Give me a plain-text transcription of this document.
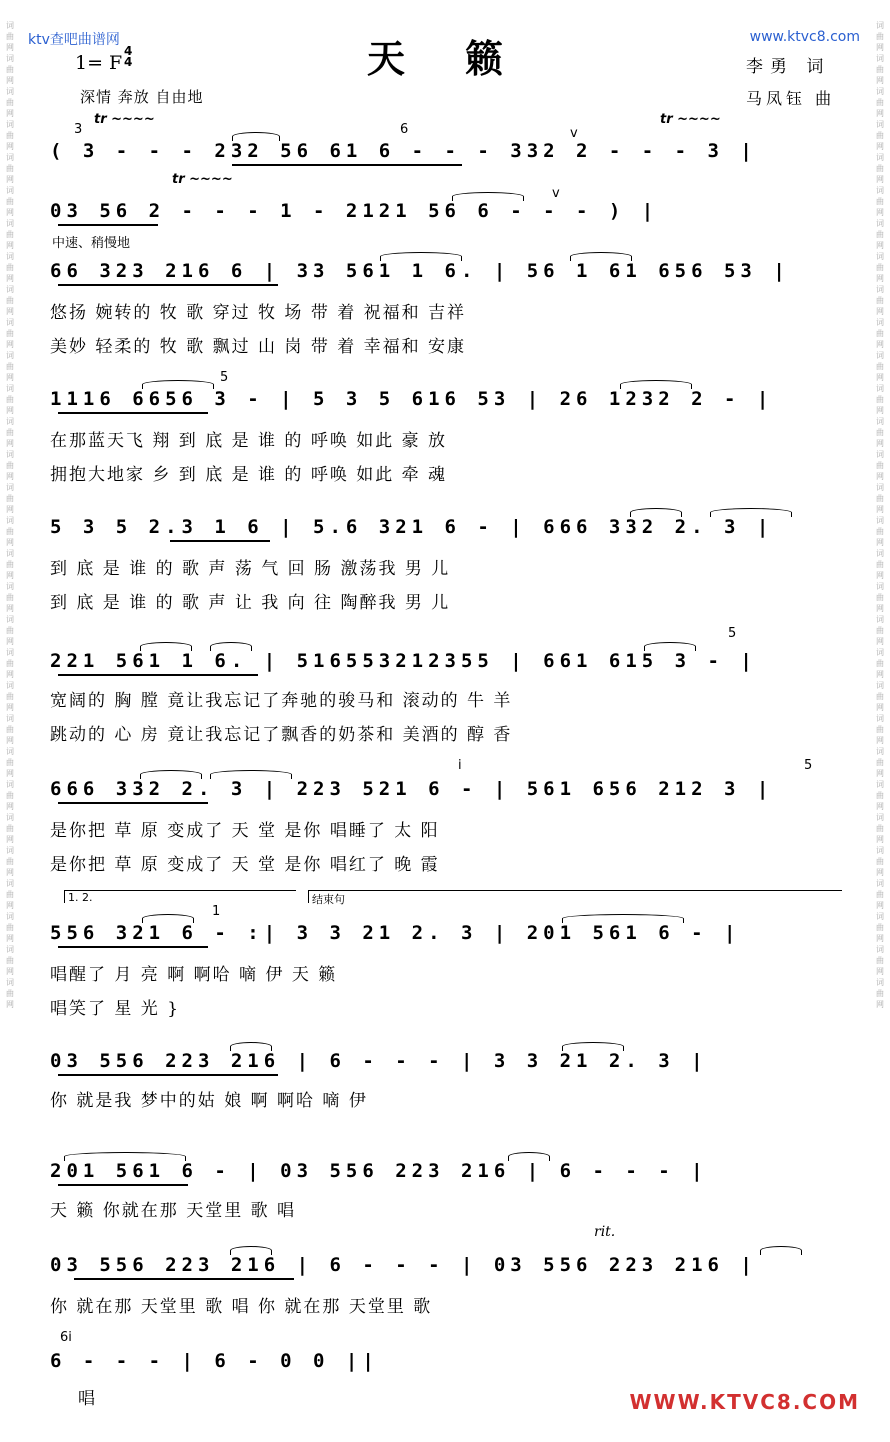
词曲网词曲网词曲网词曲网词曲网词曲网词曲网词曲网词曲网词曲网词曲网词曲网词曲网词曲网词曲网词曲网词曲网词曲网词曲网词曲网词曲网词曲网词曲网词曲网词曲网词曲网词曲网词曲网词曲网词曲网
词曲网词曲网词曲网词曲网词曲网词曲网词曲网词曲网词曲网词曲网词曲网词曲网词曲网词曲网词曲网词曲网词曲网词曲网词曲网词曲网词曲网词曲网词曲网词曲网词曲网词曲网词曲网词曲网词曲网词曲网
ktv查吧曲谱网	www.ktvc8.com
天籁
1= F
4
4
深情 奔放 自由地
李勇 词
马凤钰 曲
tr ~~~~
3	6	v
tr ~~~~
( 3 - - - 232 56 61 6 - - - 332 2 - - - 3 |
tr ~~~~
v
03 56 2 - - - 1 - 2121 56 6 - - - ) |
中速、稍慢地
66 323 216 6 | 33 561 1 6. | 56 1 61 656 53 |
悠扬 婉转的 牧 歌 穿过 牧 场 带 着 祝福和 吉祥
美妙 轻柔的 牧 歌 飘过 山 岗 带 着 幸福和 安康
5
1116 6656 3 - | 5 3 5 616 53 | 26 1232 2 - |
在那蓝天飞 翔 到 底 是 谁 的 呼唤 如此 豪 放
拥抱大地家 乡 到 底 是 谁 的 呼唤 如此 牵 魂
5 3 5 2.3 1 6 | 5.6 321 6 - | 666 332 2. 3 |
到 底 是 谁 的 歌 声 荡 气 回 肠 激荡我 男 儿
到 底 是 谁 的 歌 声 让 我 向 往 陶醉我 男 儿
5
221 561 1 6. | 516553212355 | 661 615 3 - |
宽阔的 胸 膛 竟让我忘记了奔驰的骏马和 滚动的 牛 羊
跳动的 心 房 竟让我忘记了飘香的奶茶和 美酒的 醇 香
i	5
666 332 2. 3 | 223 521 6 - | 561 656 212 3 |
是你把 草 原 变成了 天 堂 是你 唱睡了 太 阳
是你把 草 原 变成了 天 堂 是你 唱红了 晚 霞
1. 2.	结束句
1
556 321 6 - :| 3 3 21 2. 3 | 201 561 6 - |
唱醒了 月 亮 啊 啊哈 嘀 伊 天 籁
唱笑了 星 光 }
03 556 223 216 | 6 - - - | 3 3 21 2. 3 |
你 就是我 梦中的姑 娘 啊 啊哈 嘀 伊
201 561 6 - | 03 556 223 216 | 6 - - - |
天 籁 你就在那 天堂里 歌 唱
rit.
03 556 223 216 | 6 - - - | 03 556 223 216 |
你 就在那 天堂里 歌 唱 你 就在那 天堂里 歌
6i
6 - - - | 6 - 0 0 ||
唱	WWW.KTVC8.COM
